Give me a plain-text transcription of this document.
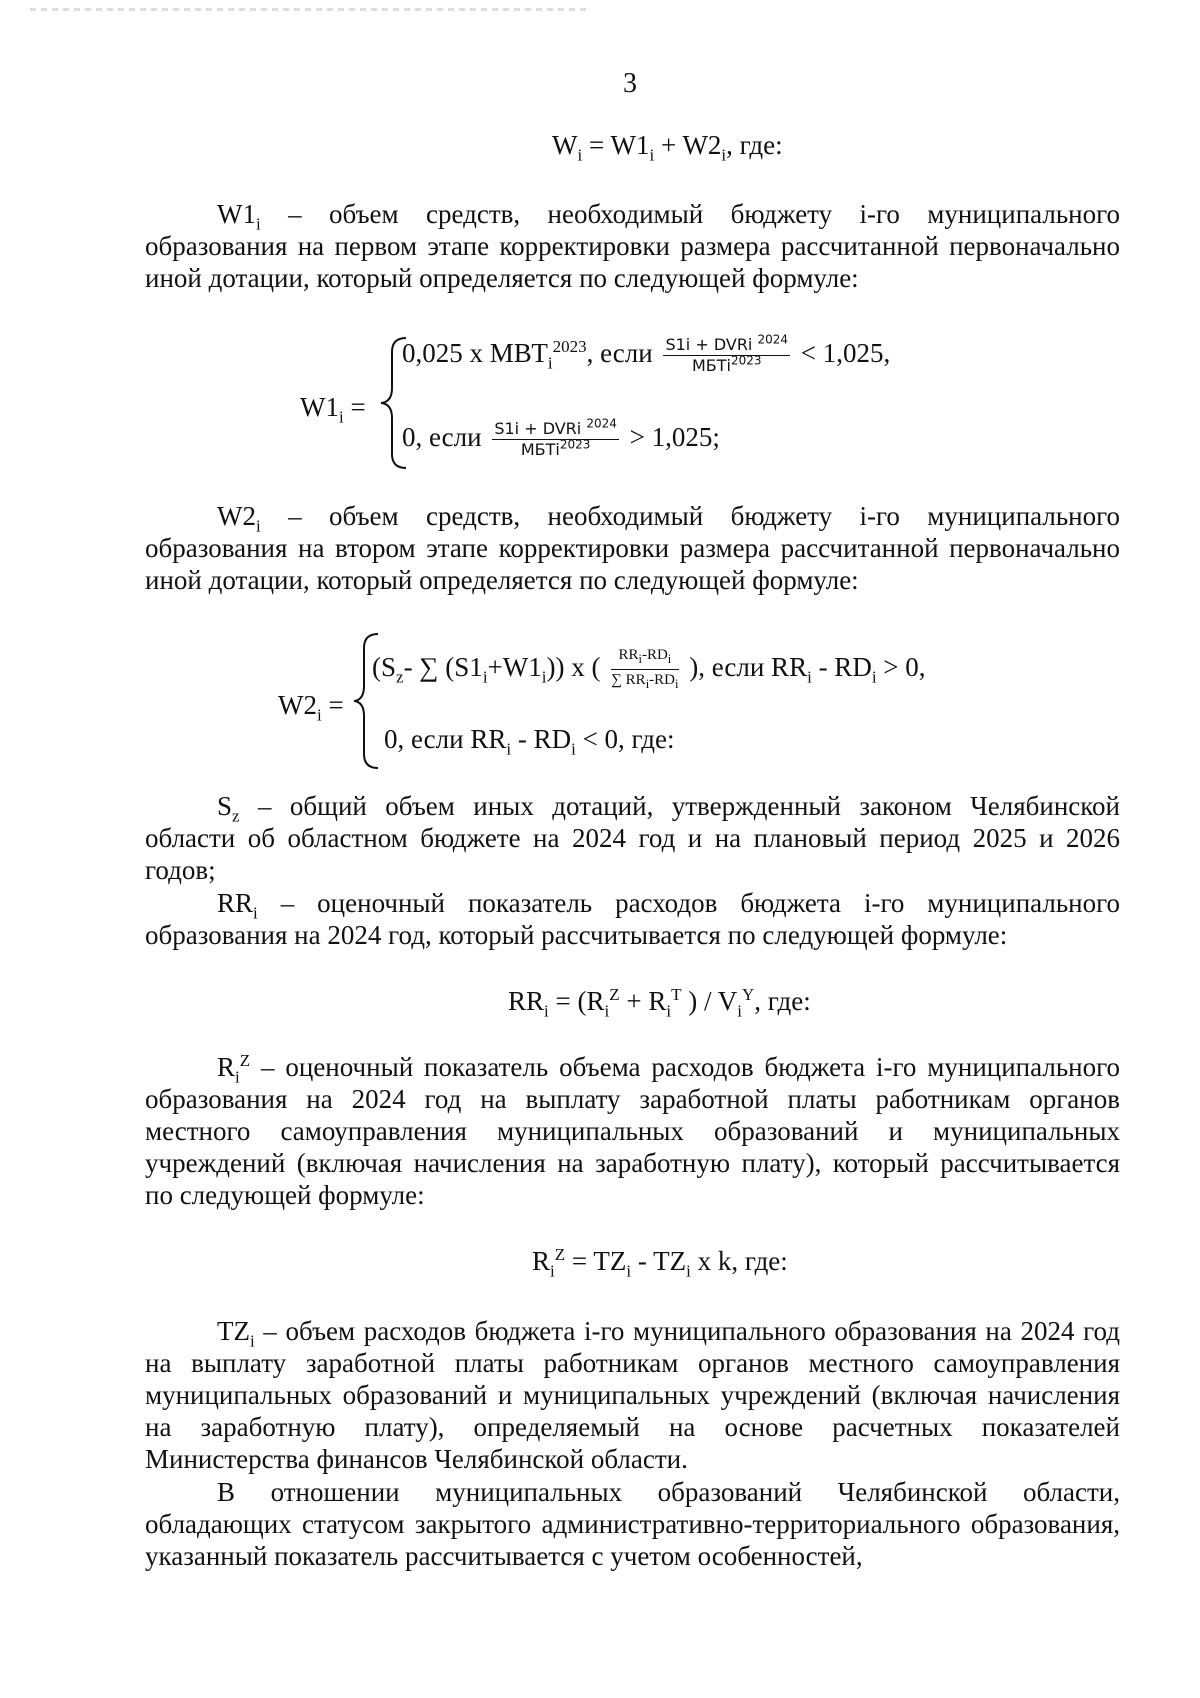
3
$W_i = W1_i + W2_i$, где:
$W1_i$ – объем средств, необходимый бюджету i-го муниципального образования на первом этапе корректировки размера рассчитанной первоначально иной дотации, который определяется по следующей формуле:
$W1_i$ =
0,025 x $МВТ_i^{2023}$, если $\frac{S1i + DVRi ^{2024}}{МБТi^{2023}} < 1,025$,
0, если $\frac{S1i + DVRi ^{2024}}{МБТi^{2023}} > 1,025$;
$W2_i$ – объем средств, необходимый бюджету i-го муниципального образования на втором этапе корректировки размера рассчитанной первоначально иной дотации, который определяется по следующей формуле:
$W2_i$ =
($S_z-$ ∑ $(S1_i+W1_i)$) x ( $\frac{RR_i-RD_i}{\sum RR_i-RD_i}$ ), если $RR_i - RD_i > 0$,
0, если $RR_i - RD_i < 0$, где:
$S_z$ – общий объем иных дотаций, утвержденный законом Челябинской области об областном бюджете на 2024 год и на плановый период 2025 и 2026 годов;
$RR_i$ – оценочный показатель расходов бюджета i-го муниципального образования на 2024 год, который рассчитывается по следующей формуле:
$RR_i = (R_i^Z + R_i^T$ ) / $V_i^Y$, где:
$R_i^Z$ – оценочный показатель объема расходов бюджета i-го муниципального образования на 2024 год на выплату заработной платы работникам органов местного самоуправления муниципальных образований и муниципальных учреждений (включая начисления на заработную плату), который рассчитывается по следующей формуле:
$R_i^Z = TZ_i - TZ_i$ x k, где:
$TZ_i$ – объем расходов бюджета i-го муниципального образования на 2024 год на выплату заработной платы работникам органов местного самоуправления муниципальных образований и муниципальных учреждений (включая начисления на заработную плату), определяемый на основе расчетных показателей Министерства финансов Челябинской области.
В отношении муниципальных образований Челябинской области, обладающих статусом закрытого административно-территориального образования, указанный показатель рассчитывается с учетом особенностей,
